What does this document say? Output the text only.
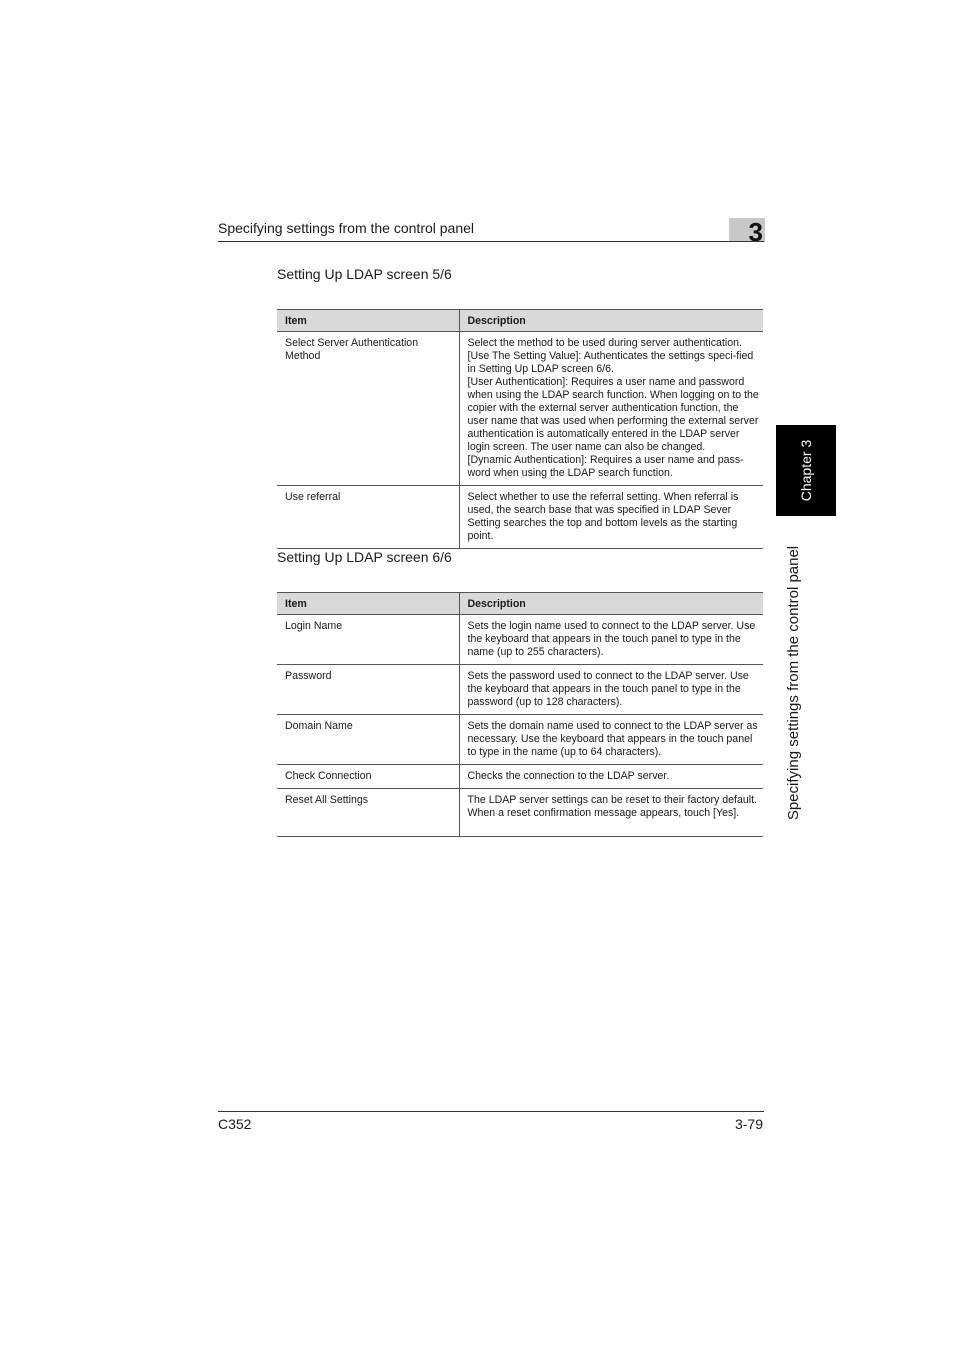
Specifying settings from the control panel	3
Setting Up LDAP screen 5/6
Item	Description
Select Server Authentication Method	Select the method to be used during server authentication.
[Use The Setting Value]: Authenticates the settings speci-fied in Setting Up LDAP screen 6/6.
[User Authentication]: Requires a user name and password when using the LDAP search function. When logging on to the copier with the external server authentication function, the user name that was used when performing the external server authentication is automatically entered in the LDAP server login screen. The user name can also be changed.
[Dynamic Authentication]: Requires a user name and pass-word when using the LDAP search function.
Use referral	Select whether to use the referral setting. When referral is used, the search base that was specified in LDAP Sever Setting searches the top and bottom levels as the starting point.
Setting Up LDAP screen 6/6
Item	Description
Login Name	Sets the login name used to connect to the LDAP server. Use the keyboard that appears in the touch panel to type in the name (up to 255 characters).
Password	Sets the password used to connect to the LDAP server. Use the keyboard that appears in the touch panel to type in the password (up to 128 characters).
Domain Name	Sets the domain name used to connect to the LDAP server as necessary. Use the keyboard that appears in the touch panel to type in the name (up to 64 characters).
Check Connection	Checks the connection to the LDAP server.
Reset All Settings	The LDAP server settings can be reset to their factory default.
When a reset confirmation message appears, touch [Yes].
Chapter 3
Specifying settings from the control panel
C352	3-79
